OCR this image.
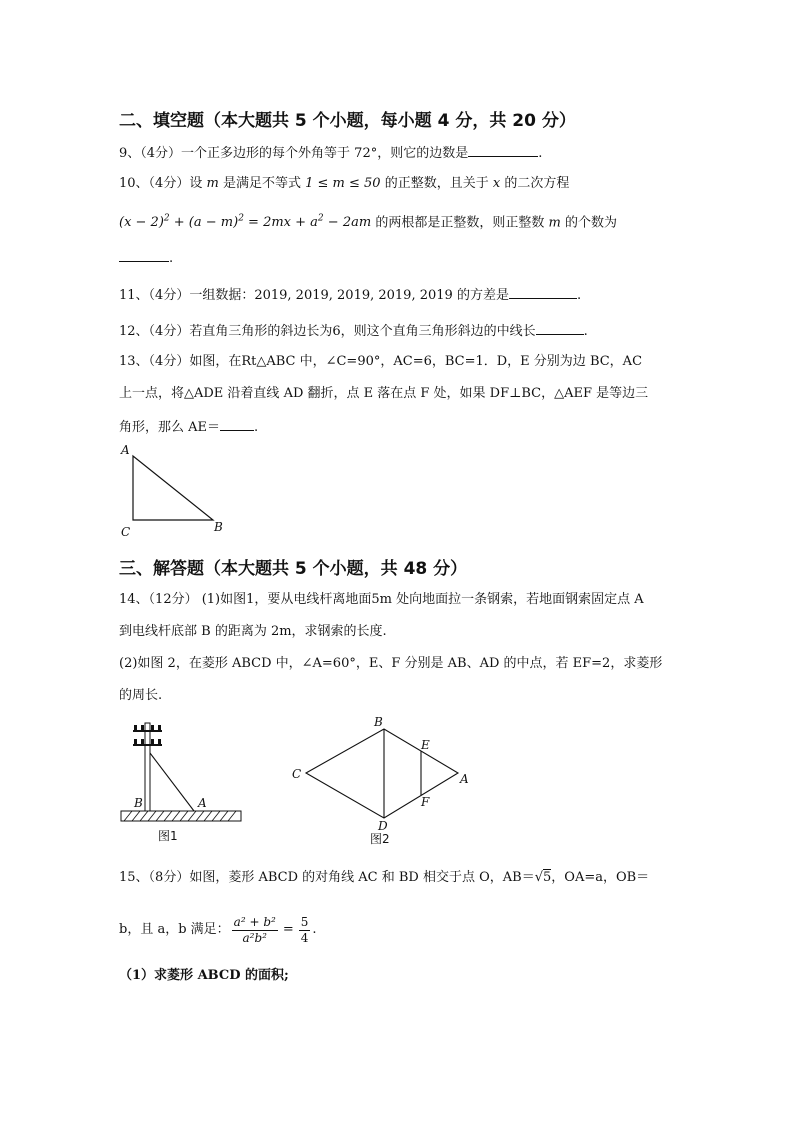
二、填空题（本大题共 5 个小题，每小题 4 分，共 20 分）
9、（4分）一个正多边形的每个外角等于 72°，则它的边数是	.
10、（4分）设 m 是满足不等式 1 ≤ m ≤ 50 的正整数，且关于 x 的二次方程
$(x - 2)^2 + (a - m)^2 = 2mx + a^2 - 2am$ 的两根都是正整数，则正整数 m 的个数为
.
11、（4分）一组数据：2019, 2019, 2019, 2019, 2019 的方差是	.
12、（4分）若直角三角形的斜边长为6，则这个直角三角形斜边的中线长	.
13、（4分）如图，在Rt△ABC 中，∠C=90°，AC=6，BC=1．D，E 分别为边 BC，AC
上一点，将△ADE 沿着直线 AD 翻折，点 E 落在点 F 处，如果 DF⊥BC，△AEF 是等边三
角形，那么 AE＝	.
A
C	B
三、解答题（本大题共 5 个小题，共 48 分）
14、（12分） (1)如图1，要从电线杆离地面5m 处向地面拉一条钢索，若地面钢索固定点 A
到电线杆底部 B 的距离为 2m，求钢索的长度.
(2)如图 2，在菱形 ABCD 中，∠A=60°，E、F 分别是 AB、AD 的中点，若 EF=2，求菱形
的周长.
B	A
图1
C
B
A
D
E
F
图2
15、（8分）如图，菱形 ABCD 的对角线 AC 和 BD 相交于点 O，AB＝√5，OA=a，OB＝
b，且 a，b 满足： $\frac{\text{a² + b²}}{\text{a²b²}} = \frac{5}{4}$ .
（1）求菱形 ABCD 的面积;
